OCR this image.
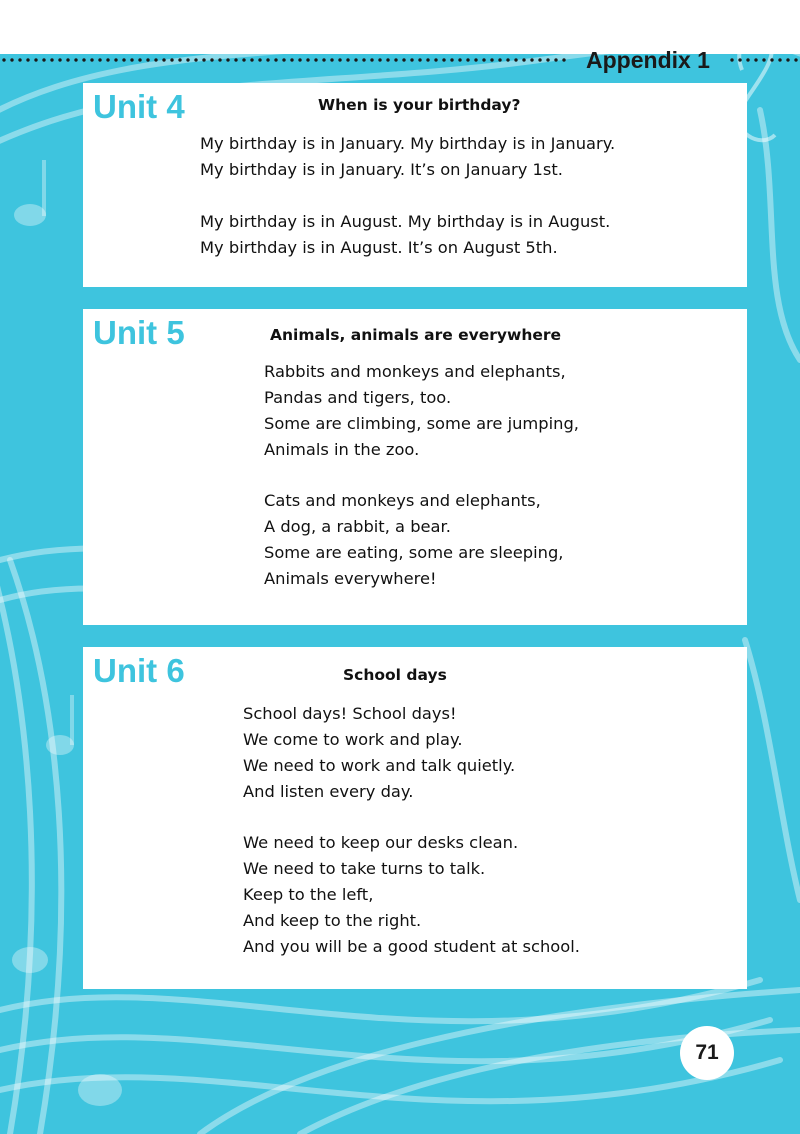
Appendix 1
Unit 4	When is your birthday?
My birthday is in January. My birthday is in January.
My birthday is in January. It’s on January 1st.
My birthday is in August. My birthday is in August.
My birthday is in August. It’s on August 5th.
Unit 5	Animals, animals are everywhere
Rabbits and monkeys and elephants,
Pandas and tigers, too.
Some are climbing, some are jumping,
Animals in the zoo.
Cats and monkeys and elephants,
A dog, a rabbit, a bear.
Some are eating, some are sleeping,
Animals everywhere!
Unit 6	School days
School days! School days!
We come to work and play.
We need to work and talk quietly.
And listen every day.
We need to keep our desks clean.
We need to take turns to talk.
Keep to the left,
And keep to the right.
And you will be a good student at school.
71
